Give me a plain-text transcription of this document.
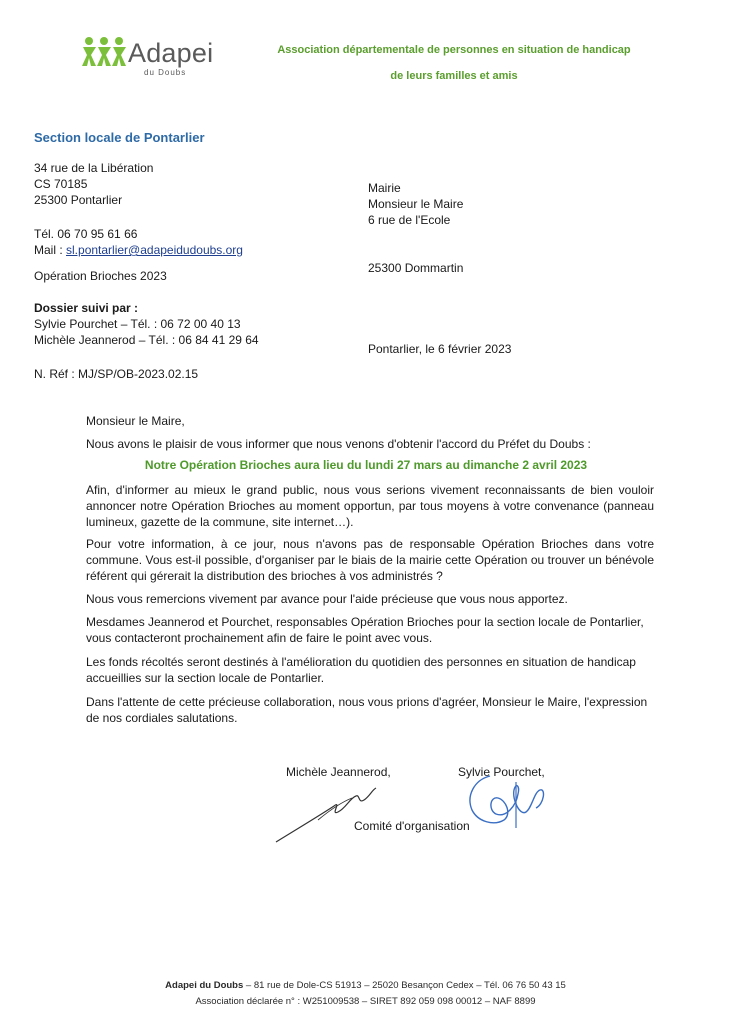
Adapei
du Doubs
Association départementale de personnes en situation de handicap
de leurs familles et amis
Section locale de Pontarlier
34 rue de la Libération
CS 70185
25300 Pontarlier
Tél. 06 70 95 61 66
Mail : sl.pontarlier@adapeidudoubs.org
Opération Brioches 2023
Dossier suivi par :
Sylvie Pourchet – Tél. : 06 72 00 40 13
Michèle Jeannerod – Tél. : 06 84 41 29 64
N. Réf : MJ/SP/OB-2023.02.15
Mairie
Monsieur le Maire
6 rue de l'Ecole
25300 Dommartin
Pontarlier, le 6 février 2023
Monsieur le Maire,
Nous avons le plaisir de vous informer que nous venons d'obtenir l'accord du Préfet du Doubs :
Notre Opération Brioches aura lieu du lundi 27 mars au dimanche 2 avril 2023
Afin, d'informer au mieux le grand public, nous vous serions vivement reconnaissants de bien vouloir annoncer notre Opération Brioches au moment opportun, par tous moyens à votre convenance (panneau lumineux, gazette de la commune, site internet…).
Pour votre information, à ce jour, nous n'avons pas de responsable Opération Brioches dans votre commune. Vous est-il possible, d'organiser par le biais de la mairie cette Opération ou trouver un bénévole référent qui gérerait la distribution des brioches à vos administrés ?
Nous vous remercions vivement par avance pour l'aide précieuse que vous nous apportez.
Mesdames Jeannerod et Pourchet, responsables Opération Brioches pour la section locale de Pontarlier, vous contacteront prochainement afin de faire le point avec vous.
Les fonds récoltés seront destinés à l'amélioration du quotidien des personnes en situation de handicap accueillies sur la section locale de Pontarlier.
Dans l'attente de cette précieuse collaboration, nous vous prions d'agréer, Monsieur le Maire, l'expression de nos cordiales salutations.
Michèle Jeannerod,	Sylvie Pourchet,
Comité d'organisation
Adapei du Doubs – 81 rue de Dole-CS 51913 – 25020 Besançon Cedex – Tél. 06 76 50 43 15
Association déclarée n° : W251009538 – SIRET 892 059 098 00012 – NAF 8899
